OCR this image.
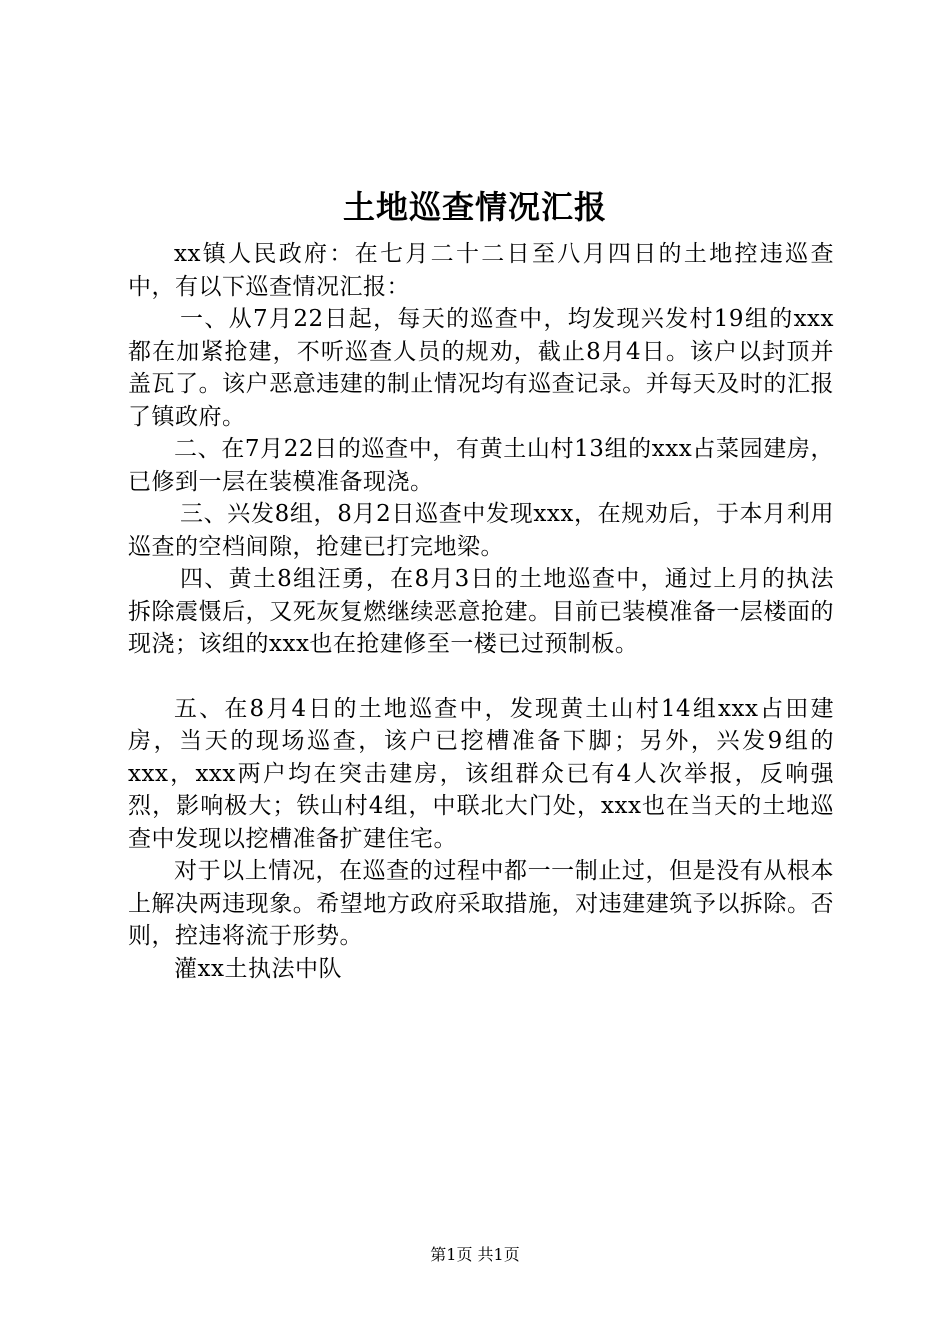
土地巡查情况汇报

xx镇人民政府：在七月二十二日至八月四日的土地控违巡查中，有以下巡查情况汇报：

一、从7月22日起，每天的巡查中，均发现兴发村19组的xxx都在加紧抢建，不听巡查人员的规劝，截止8月4日。该户以封顶并盖瓦了。该户恶意违建的制止情况均有巡查记录。并每天及时的汇报了镇政府。

二、在7月22日的巡查中，有黄土山村13组的xxx占菜园建房，已修到一层在装模准备现浇。

三、兴发8组，8月2日巡查中发现xxx，在规劝后，于本月利用巡查的空档间隙，抢建已打完地梁。

四、黄土8组汪勇，在8月3日的土地巡查中，通过上月的执法拆除震慑后，又死灰复燃继续恶意抢建。目前已装模准备一层楼面的现浇；该组的xxx也在抢建修至一楼已过预制板。

五、在8月4日的土地巡查中，发现黄土山村14组xxx占田建房，当天的现场巡查，该户已挖槽准备下脚；另外，兴发9组的xxx，xxx两户均在突击建房，该组群众已有4人次举报，反响强烈，影响极大；铁山村4组，中联北大门处，xxx也在当天的土地巡查中发现以挖槽准备扩建住宅。

对于以上情况，在巡查的过程中都一一制止过，但是没有从根本上解决两违现象。希望地方政府采取措施，对违建建筑予以拆除。否则，控违将流于形势。

灌xx土执法中队

第1页 共1页
